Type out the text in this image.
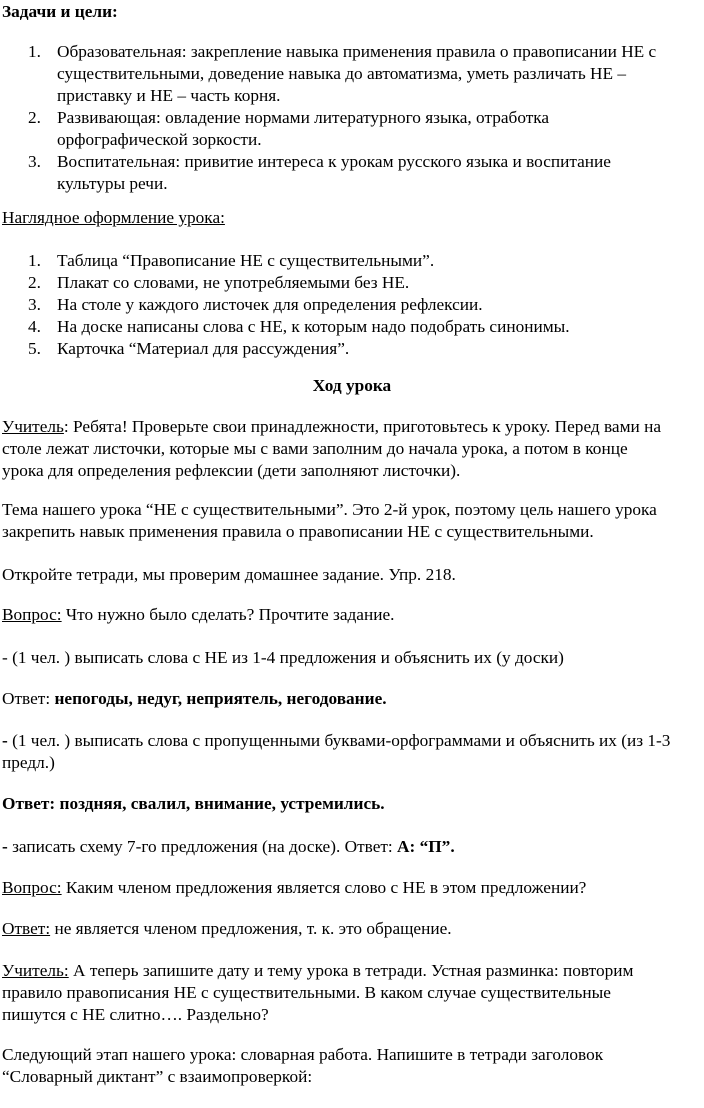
Задачи и цели:

1. Образовательная: закрепление навыка применения правила о правописании НЕ с
существительными, доведение навыка до автоматизма, уметь различать НЕ –
приставку и НЕ – часть корня.
2. Развивающая: овладение нормами литературного языка, отработка
орфографической зоркости.
3. Воспитательная: привитие интереса к урокам русского языка и воспитание
культуры речи.

Наглядное оформление урока:

1. Таблица “Правописание НЕ с существительными”.
2. Плакат со словами, не употребляемыми без НЕ.
3. На столе у каждого листочек для определения рефлексии.
4. На доске написаны слова с НЕ, к которым надо подобрать синонимы.
5. Карточка “Материал для рассуждения”.

Ход урока

Учитель: Ребята! Проверьте свои принадлежности, приготовьтесь к уроку. Перед вами на
столе лежат листочки, которые мы с вами заполним до начала урока, а потом в конце
урока для определения рефлексии (дети заполняют листочки).
Тема нашего урока “НЕ с существительными”. Это 2-й урок, поэтому цель нашего урока
закрепить навык применения правила о правописании НЕ с существительными.

Откройте тетради, мы проверим домашнее задание. Упр. 218.

Вопрос: Что нужно было сделать? Прочтите задание.

- (1 чел. ) выписать слова с НЕ из 1-4 предложения и объяснить их (у доски)

Ответ: непогоды, недуг, неприятель, негодование.

- (1 чел. ) выписать слова с пропущенными буквами-орфограммами и объяснить их (из 1-3
предл.)

Ответ: поздняя, свалил, внимание, устремились.

- записать схему 7-го предложения (на доске). Ответ: А: “П”.

Вопрос: Каким членом предложения является слово с НЕ в этом предложении?

Ответ: не является членом предложения, т. к. это обращение.

Учитель: А теперь запишите дату и тему урока в тетради. Устная разминка: повторим
правило правописания НЕ с существительными. В каком случае существительные
пишутся с НЕ слитно…. Раздельно?
Следующий этап нашего урока: словарная работа. Напишите в тетради заголовок
“Словарный диктант” с взаимопроверкой:
